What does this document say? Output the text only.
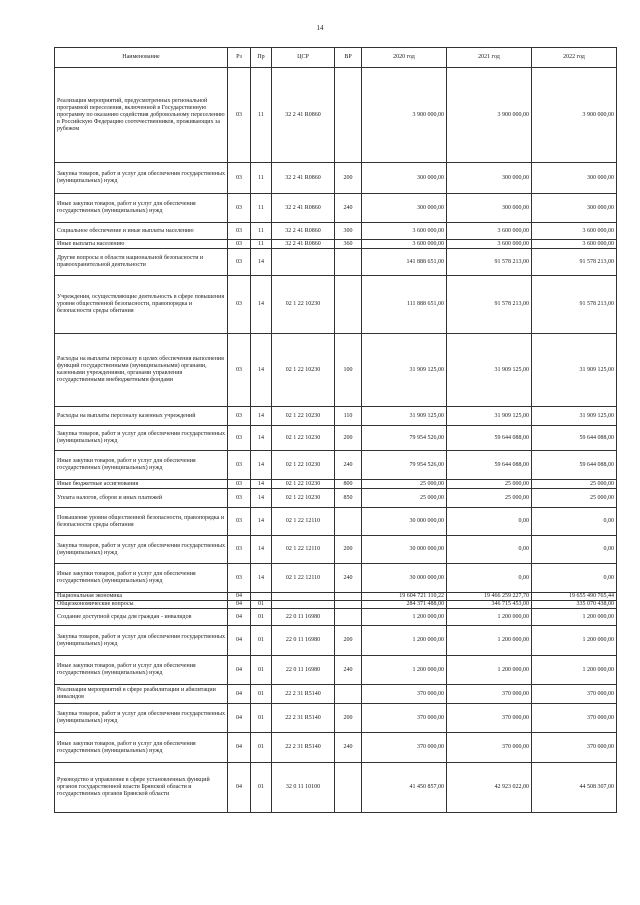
14
Наименование	Рз	Пр	ЦСР	ВР	2020 год	2021 год	2022 год
Реализация мероприятий, предусмотренных региональной программой переселения, включенной в Государственную программу по оказанию содействия добровольному переселению в Российскую Федерацию соотечественников, проживающих за рубежом	03	11	32 2 41 R0860		3 900 000,00	3 900 000,00	3 900 000,00
Закупка товаров, работ и услуг для обеспечения государственных (муниципальных) нужд	03	11	32 2 41 R0860	200	300 000,00	300 000,00	300 000,00
Иные закупки товаров, работ и услуг для обеспечения государственных (муниципальных) нужд	03	11	32 2 41 R0860	240	300 000,00	300 000,00	300 000,00
Социальное обеспечение и иные выплаты населению	03	11	32 2 41 R0860	300	3 600 000,00	3 600 000,00	3 600 000,00
Иные выплаты населению	03	11	32 2 41 R0860	360	3 600 000,00	3 600 000,00	3 600 000,00
Другие вопросы в области национальной безопасности и правоохранительной деятельности	03	14			141 888 651,00	91 578 213,00	91 578 213,00
Учреждения, осуществляющие деятельность в сфере повышения уровня общественной безопасности, правопорядка и безопасности среды обитания	03	14	02 1 22 10230		111 888 651,00	91 578 213,00	91 578 213,00
Расходы на выплаты персоналу в целях обеспечения выполнения функций государственными (муниципальными) органами, казенными учреждениями, органами управления государственными внебюджетными фондами	03	14	02 1 22 10230	100	31 909 125,00	31 909 125,00	31 909 125,00
Расходы на выплаты персоналу казенных учреждений	03	14	02 1 22 10230	110	31 909 125,00	31 909 125,00	31 909 125,00
Закупка товаров, работ и услуг для обеспечения государственных (муниципальных) нужд	03	14	02 1 22 10230	200	79 954 526,00	59 644 088,00	59 644 088,00
Иные закупки товаров, работ и услуг для обеспечения государственных (муниципальных) нужд	03	14	02 1 22 10230	240	79 954 526,00	59 644 088,00	59 644 088,00
Иные бюджетные ассигнования	03	14	02 1 22 10230	800	25 000,00	25 000,00	25 000,00
Уплата налогов, сборов и иных платежей	03	14	02 1 22 10230	850	25 000,00	25 000,00	25 000,00
Повышение уровня общественной безопасности, правопорядка и безопасности среды обитания	03	14	02 1 22 12110		30 000 000,00	0,00	0,00
Закупка товаров, работ и услуг для обеспечения государственных (муниципальных) нужд	03	14	02 1 22 12110	200	30 000 000,00	0,00	0,00
Иные закупки товаров, работ и услуг для обеспечения государственных (муниципальных) нужд	03	14	02 1 22 12110	240	30 000 000,00	0,00	0,00
Национальная экономика	04				19 604 721 110,22	19 466 259 227,70	19 655 490 765,44
Общеэкономические вопросы	04	01			284 371 488,00	346 715 453,00	335 070 438,00
Создание доступной среды для граждан - инвалидов	04	01	22 0 11 16980		1 200 000,00	1 200 000,00	1 200 000,00
Закупка товаров, работ и услуг для обеспечения государственных (муниципальных) нужд	04	01	22 0 11 16980	200	1 200 000,00	1 200 000,00	1 200 000,00
Иные закупки товаров, работ и услуг для обеспечения государственных (муниципальных) нужд	04	01	22 0 11 16980	240	1 200 000,00	1 200 000,00	1 200 000,00
Реализация мероприятий в сфере реабилитации и абилитации инвалидов	04	01	22 2 31 R5140		370 000,00	370 000,00	370 000,00
Закупка товаров, работ и услуг для обеспечения государственных (муниципальных) нужд	04	01	22 2 31 R5140	200	370 000,00	370 000,00	370 000,00
Иные закупки товаров, работ и услуг для обеспечения государственных (муниципальных) нужд	04	01	22 2 31 R5140	240	370 000,00	370 000,00	370 000,00
Руководство и управление в сфере установленных функций органов государственной власти Брянской области и государственных органов Брянской области	04	01	32 0 11 10100		41 450 857,00	42 923 022,00	44 508 307,00
